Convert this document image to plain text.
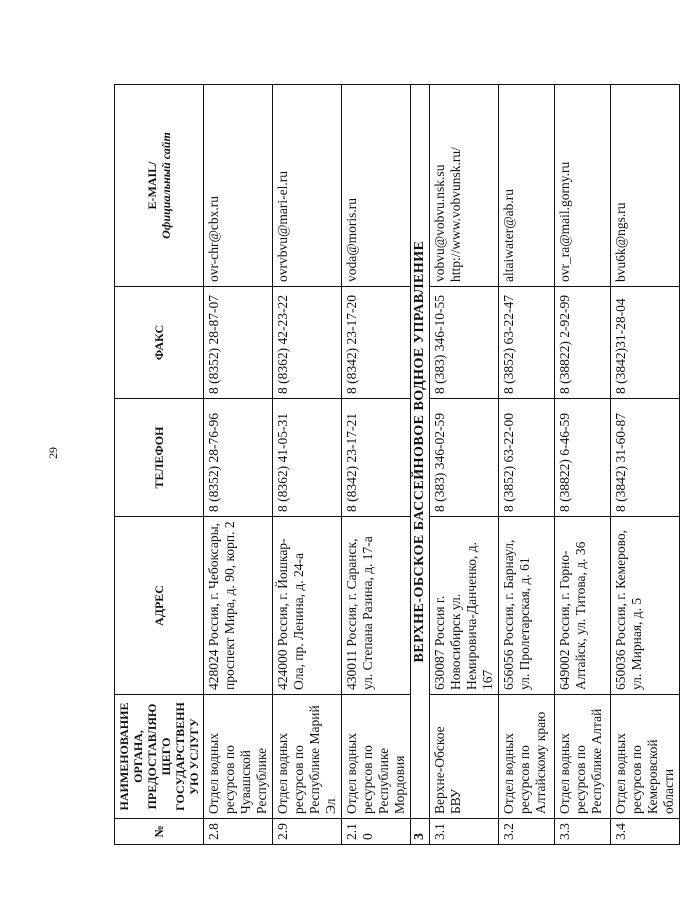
29
№	НАИМЕНОВАНИЕ ОРГАНА, ПРЕДОСТАВЛЯЮЩЕГО ГОСУДАРСТВЕННУЮ УСЛУГУ	АДРЕС	ТЕЛЕФОН	ФАКС	E-MAIL/ Официальный сайт

2.8	Отдел водных ресурсов по Чувашской Республике	428024 Россия, г. Чебоксары, проспект Мира, д. 90, корп. 2	8 (8352) 28-76-96	8 (8352) 28-87-07	ovr-chr@cbx.ru
2.9	Отдел водных ресурсов по Республике Марий Эл	424000 Россия, г. Йошкар-Ола, пр. Ленина, д. 24-а	8 (8362) 41-05-31	8 (8362) 42-23-22	ovrvbvu@mari-el.ru
2.10	Отдел водных ресурсов по Республике Мордовия	430011 Россия, г. Саранск, ул. Степана Разина, д. 17-а	8 (8342) 23-17-21	8 (8342) 23-17-20	voda@moris.ru
3	ВЕРХНЕ-ОБСКОЕ БАССЕЙНОВОЕ ВОДНОЕ УПРАВЛЕНИЕ				
3.1	Верхне-Обское БВУ	630087 Россия г. Новосибирск ул. Немировича-Данченко, д. 167	8 (383) 346-02-59	8 (383) 346-10-55	vobvu@vobvu.nsk.su http://www.vobvunsk.ru/
3.2	Отдел водных ресурсов по Алтайскому краю	656056 Россия, г. Барнаул, ул. Пролетарская, д. 61	8 (3852) 63-22-00	8 (3852) 63-22-47	altaiwater@ab.ru
3.3	Отдел водных ресурсов по Республике Алтай	649002 Россия, г. Горно-Алтайск, ул. Титова, д. 36	8 (38822) 6-46-59	8 (38822) 2-92-99	ovr_ra@mail.gorny.ru
3.4	Отдел водных ресурсов по Кемеровской области	650036 Россия, г. Кемерово, ул. Мирная, д. 5	8 (3842) 31-60-87	8 (3842)31-28-04	bvu6k@ngs.ru
